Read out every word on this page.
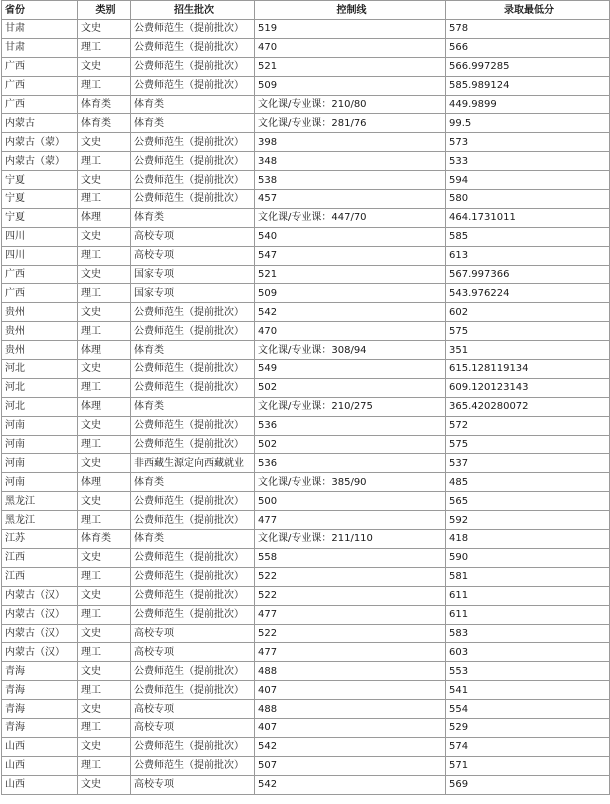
省份	类别	招生批次	控制线	录取最低分
甘肃	文史	公费师范生（提前批次）	519	578
甘肃	理工	公费师范生（提前批次）	470	566
广西	文史	公费师范生（提前批次）	521	566.997285
广西	理工	公费师范生（提前批次）	509	585.989124
广西	体育类	体育类	文化课/专业课：210/80	449.9899
内蒙古	体育类	体育类	文化课/专业课：281/76	99.5
内蒙古（蒙）	文史	公费师范生（提前批次）	398	573
内蒙古（蒙）	理工	公费师范生（提前批次）	348	533
宁夏	文史	公费师范生（提前批次）	538	594
宁夏	理工	公费师范生（提前批次）	457	580
宁夏	体理	体育类	文化课/专业课：447/70	464.1731011
四川	文史	高校专项	540	585
四川	理工	高校专项	547	613
广西	文史	国家专项	521	567.997366
广西	理工	国家专项	509	543.976224
贵州	文史	公费师范生（提前批次）	542	602
贵州	理工	公费师范生（提前批次）	470	575
贵州	体理	体育类	文化课/专业课：308/94	351
河北	文史	公费师范生（提前批次）	549	615.128119134
河北	理工	公费师范生（提前批次）	502	609.120123143
河北	体理	体育类	文化课/专业课：210/275	365.420280072
河南	文史	公费师范生（提前批次）	536	572
河南	理工	公费师范生（提前批次）	502	575
河南	文史	非西藏生源定向西藏就业	536	537
河南	体理	体育类	文化课/专业课：385/90	485
黑龙江	文史	公费师范生（提前批次）	500	565
黑龙江	理工	公费师范生（提前批次）	477	592
江苏	体育类	体育类	文化课/专业课：211/110	418
江西	文史	公费师范生（提前批次）	558	590
江西	理工	公费师范生（提前批次）	522	581
内蒙古（汉）	文史	公费师范生（提前批次）	522	611
内蒙古（汉）	理工	公费师范生（提前批次）	477	611
内蒙古（汉）	文史	高校专项	522	583
内蒙古（汉）	理工	高校专项	477	603
青海	文史	公费师范生（提前批次）	488	553
青海	理工	公费师范生（提前批次）	407	541
青海	文史	高校专项	488	554
青海	理工	高校专项	407	529
山西	文史	公费师范生（提前批次）	542	574
山西	理工	公费师范生（提前批次）	507	571
山西	文史	高校专项	542	569
